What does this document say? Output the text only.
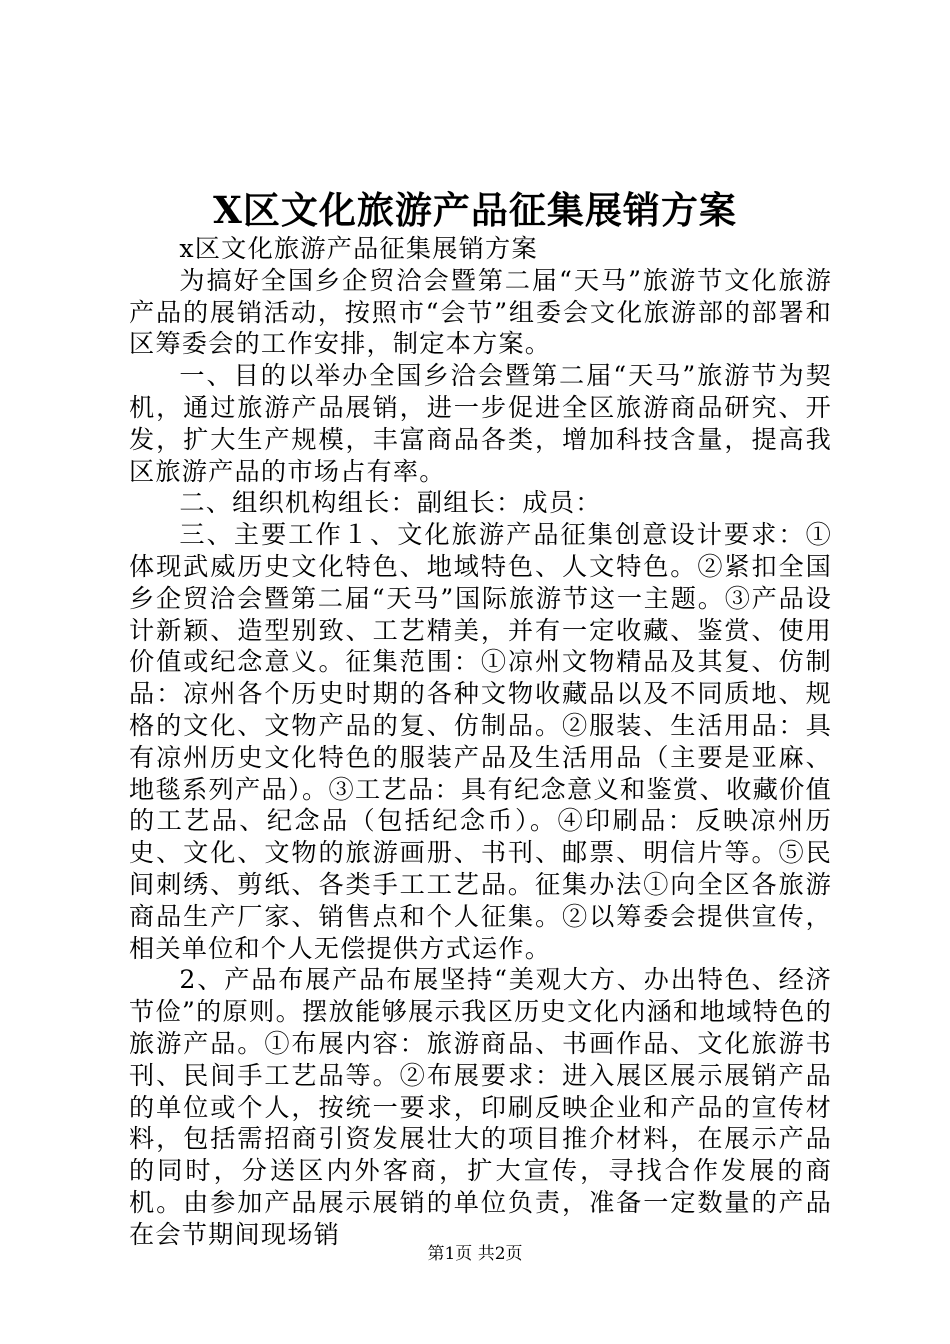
X区文化旅游产品征集展销方案

x区文化旅游产品征集展销方案

为搞好全国乡企贸洽会暨第二届“天马”旅游节文化旅游产品的展销活动，按照市“会节”组委会文化旅游部的部署和区筹委会的工作安排，制定本方案。

一、目的以举办全国乡洽会暨第二届“天马”旅游节为契机，通过旅游产品展销，进一步促进全区旅游商品研究、开发，扩大生产规模，丰富商品各类，增加科技含量，提高我区旅游产品的市场占有率。

二、组织机构组长：副组长：成员：

三、主要工作１、文化旅游产品征集创意设计要求：①体现武威历史文化特色、地域特色、人文特色。②紧扣全国乡企贸洽会暨第二届“天马”国际旅游节这一主题。③产品设计新颖、造型别致、工艺精美，并有一定收藏、鉴赏、使用价值或纪念意义。征集范围：①凉州文物精品及其复、仿制品：凉州各个历史时期的各种文物收藏品以及不同质地、规格的文化、文物产品的复、仿制品。②服装、生活用品：具有凉州历史文化特色的服装产品及生活用品（主要是亚麻、地毯系列产品）。③工艺品：具有纪念意义和鉴赏、收藏价值的工艺品、纪念品（包括纪念币）。④印刷品：反映凉州历史、文化、文物的旅游画册、书刊、邮票、明信片等。⑤民间刺绣、剪纸、各类手工工艺品。征集办法①向全区各旅游商品生产厂家、销售点和个人征集。②以筹委会提供宣传，相关单位和个人无偿提供方式运作。

2、产品布展产品布展坚持“美观大方、办出特色、经济节俭”的原则。摆放能够展示我区历史文化内涵和地域特色的旅游产品。①布展内容：旅游商品、书画作品、文化旅游书刊、民间手工艺品等。②布展要求：进入展区展示展销产品的单位或个人，按统一要求，印刷反映企业和产品的宣传材料，包括需招商引资发展壮大的项目推介材料，在展示产品的同时，分送区内外客商，扩大宣传，寻找合作发展的商机。由参加产品展示展销的单位负责，准备一定数量的产品在会节期间现场销

第1页 共2页
